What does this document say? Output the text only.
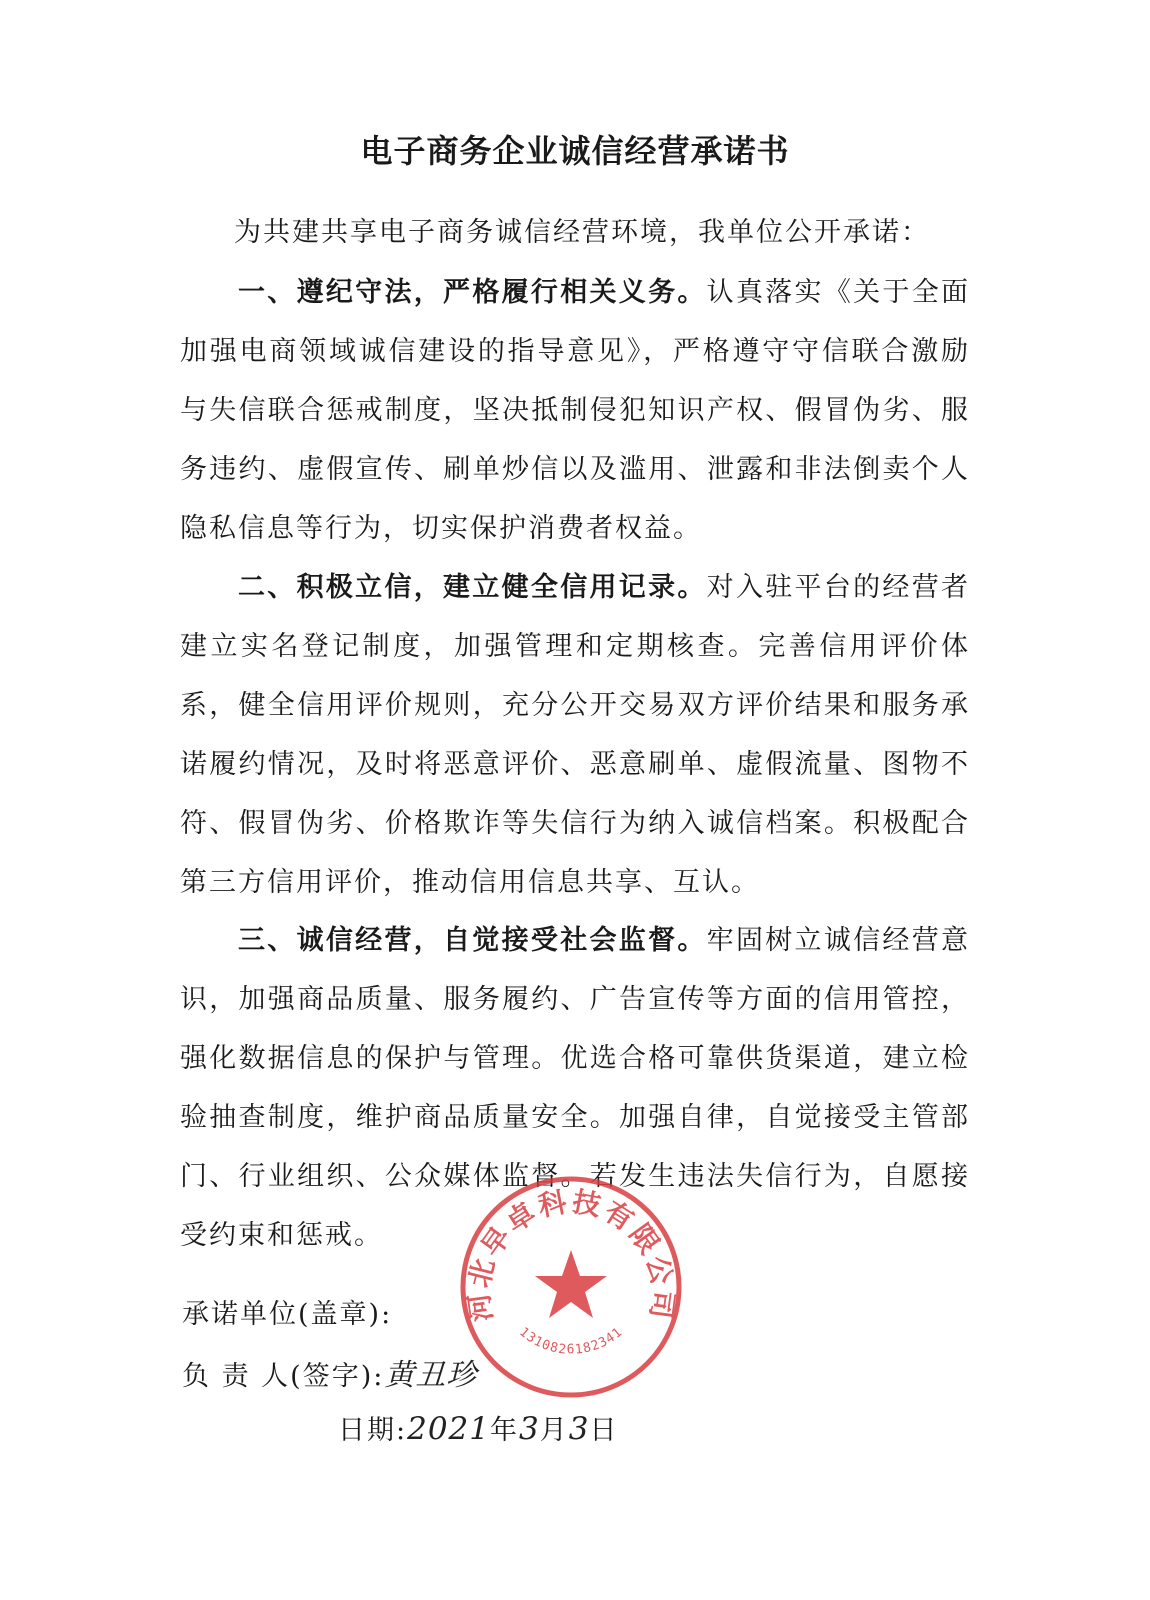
电子商务企业诚信经营承诺书

为共建共享电子商务诚信经营环境，我单位公开承诺：

一、遵纪守法，严格履行相关义务。认真落实《关于全面加强电商领域诚信建设的指导意见》，严格遵守守信联合激励与失信联合惩戒制度，坚决抵制侵犯知识产权、假冒伪劣、服务违约、虚假宣传、刷单炒信以及滥用、泄露和非法倒卖个人隐私信息等行为，切实保护消费者权益。

二、积极立信，建立健全信用记录。对入驻平台的经营者建立实名登记制度，加强管理和定期核查。完善信用评价体系，健全信用评价规则，充分公开交易双方评价结果和服务承诺履约情况，及时将恶意评价、恶意刷单、虚假流量、图物不符、假冒伪劣、价格欺诈等失信行为纳入诚信档案。积极配合第三方信用评价，推动信用信息共享、互认。

三、诚信经营，自觉接受社会监督。牢固树立诚信经营意识，加强商品质量、服务履约、广告宣传等方面的信用管控，强化数据信息的保护与管理。优选合格可靠供货渠道，建立检验抽查制度，维护商品质量安全。加强自律，自觉接受主管部门、行业组织、公众媒体监督。若发生违法失信行为，自愿接受约束和惩戒。

承诺单位(盖章):

负 责 人(签字):黄丑珍

日期:2021年3月3日

河北早卓科技有限公司
1310826182341
